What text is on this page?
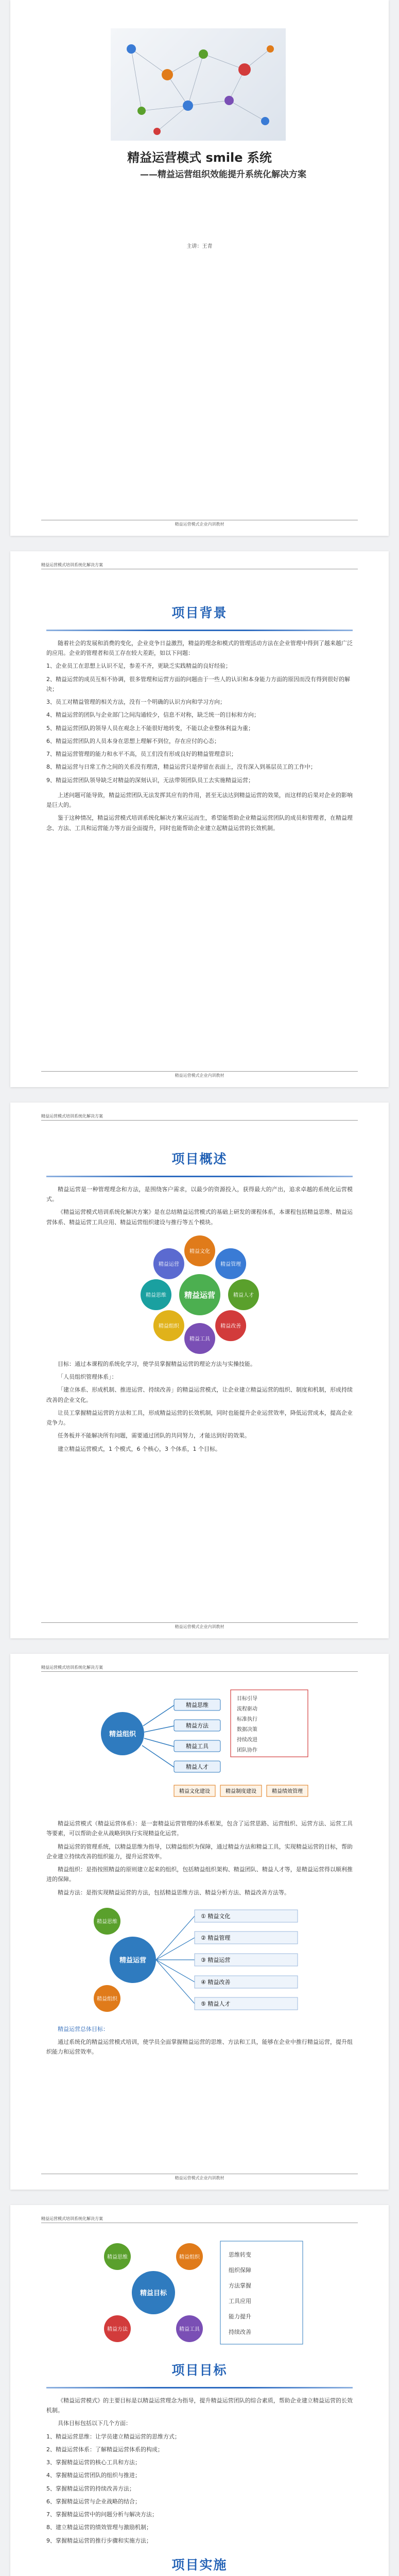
精益运营模式 smile 系统
——精益运营组织效能提升系统化解决方案
主讲：王青
精益运营模式企业内训教材
精益运营模式培训系统化解决方案
项目背景

随着社会的发展和消费的变化，企业竞争日益激烈，精益的理念和模式的管理活动方法在企业管理中得到了越来越广泛的应用。企业的管理者和员工存在较大差距，如以下问题：

1、企业员工在思想上认识不足，参差不齐，更缺乏实践精益的良好经验；

2、精益运营的成员互相不协调，很多管理和运营方面的问题由于一些人的认识和本身能力方面的原因而没有得到很好的解决；

3、员工对精益管理的相关方法，没有一个明确的认识方向和学习方向；

4、精益运营的团队与企业部门之间沟通较少，信息不对称，缺乏统一的目标和方向；

5、精益运营团队的领导人员在观念上不能很好地转变，不能以企业整体利益为重；

6、精益运营团队的人员本身在思想上理解不到位，存在应付的心态；

7、精益运营管理的能力和水平不高，员工们没有形成良好的精益管理意识；

8、精益运营与日常工作之间的关系没有理清，精益运营只是停留在表面上，没有深入到基层员工的工作中；

9、精益运营团队领导缺乏对精益的深刻认识，无法带领团队员工去实施精益运营；

上述问题可能导致，精益运营团队无法发挥其应有的作用，甚至无法达到精益运营的效果，而这样的后果对企业的影响是巨大的。

鉴于这种情况，精益运营模式培训系统化解决方案应运而生，希望能帮助企业精益运营团队的成员和管理者，在精益理念、方法、工具和运营能力等方面全面提升，同时也能帮助企业建立起精益运营的长效机制。

精益运营模式企业内训教材
精益运营模式培训系统化解决方案
项目概述

精益运营是一种管理理念和方法，是围绕客户需求，以最少的资源投入，获得最大的产出，追求卓越的系统化运营模式。

《精益运营模式培训系统化解决方案》是在总结精益运营模式的基础上研发的课程体系，本课程包括精益思维、精益运营体系、精益运营工具应用、精益运营组织建设与推行等五个模块。

精益文化
精益管理
精益人才
精益改善
精益工具
精益组织
精益思维
精益运营
精益运营

目标：通过本课程的系统化学习，使学员掌握精益运营的理论方法与实操技能。

「人员组织管理体系」：

「建立体系、形成机制、推进运营、持续改善」的精益运营模式，让企业建立精益运营的组织、制度和机制，形成持续改善的企业文化。

让员工掌握精益运营的方法和工具，形成精益运营的长效机制，同时也能提升企业运营效率，降低运营成本，提高企业竞争力。

任务板并不能解决所有问题，需要通过团队的共同努力，才能达到好的效果。

建立精益运营模式，1 个模式，6 个核心，3 个体系，1 个目标。

精益运营模式企业内训教材
精益运营模式培训系统化解决方案
精益组织
精益思维
精益方法
精益工具
精益人才
目标引导
流程驱动
标准执行
数据决策
持续改进
团队协作
精益文化建设	精益制度建设	精益绩效管理

精益运营模式（精益运营体系）：是一套精益运营管理的体系框架，包含了运营思路、运营组织、运营方法、运营工具等要素，可以帮助企业从战略到执行实现精益化运营。

精益运营的管理系统，以精益思维为指导，以精益组织为保障，通过精益方法和精益工具，实现精益运营的目标，帮助企业建立持续改善的组织能力，提升运营效率。

精益组织：是指按照精益的原则建立起来的组织，包括精益组织架构、精益团队、精益人才等，是精益运营得以顺利推进的保障。

精益方法：是指实现精益运营的方法，包括精益思维方法、精益分析方法、精益改善方法等。

精益运营
精益思维
精益组织
① 精益文化
② 精益管理
③ 精益运营
④ 精益改善
⑤ 精益人才

精益运营总体目标：

通过系统化的精益运营模式培训，使学员全面掌握精益运营的思维、方法和工具，能够在企业中推行精益运营，提升组织能力和运营效率。

精益运营模式企业内训教材
精益运营模式培训系统化解决方案
精益目标
精益思维	精益组织
精益方法	精益工具
思维转变
组织保障
方法掌握
工具应用
能力提升
持续改善
项目目标

《精益运营模式》的主要目标是以精益运营理念为指导，提升精益运营团队的综合素质，帮助企业建立精益运营的长效机制。

具体目标包括以下几个方面：

1、精益运营思维：让学员建立精益运营的思维方式；

2、精益运营体系：了解精益运营体系的构成；

3、掌握精益运营的核心工具和方法；

4、掌握精益运营团队的组织与推进；

5、掌握精益运营的持续改善方法；

6、掌握精益运营与企业战略的结合；

7、掌握精益运营中的问题分析与解决方法；

8、建立精益运营的绩效管理与激励机制；

9、掌握精益运营的推行步骤和实施方法；

项目实施
